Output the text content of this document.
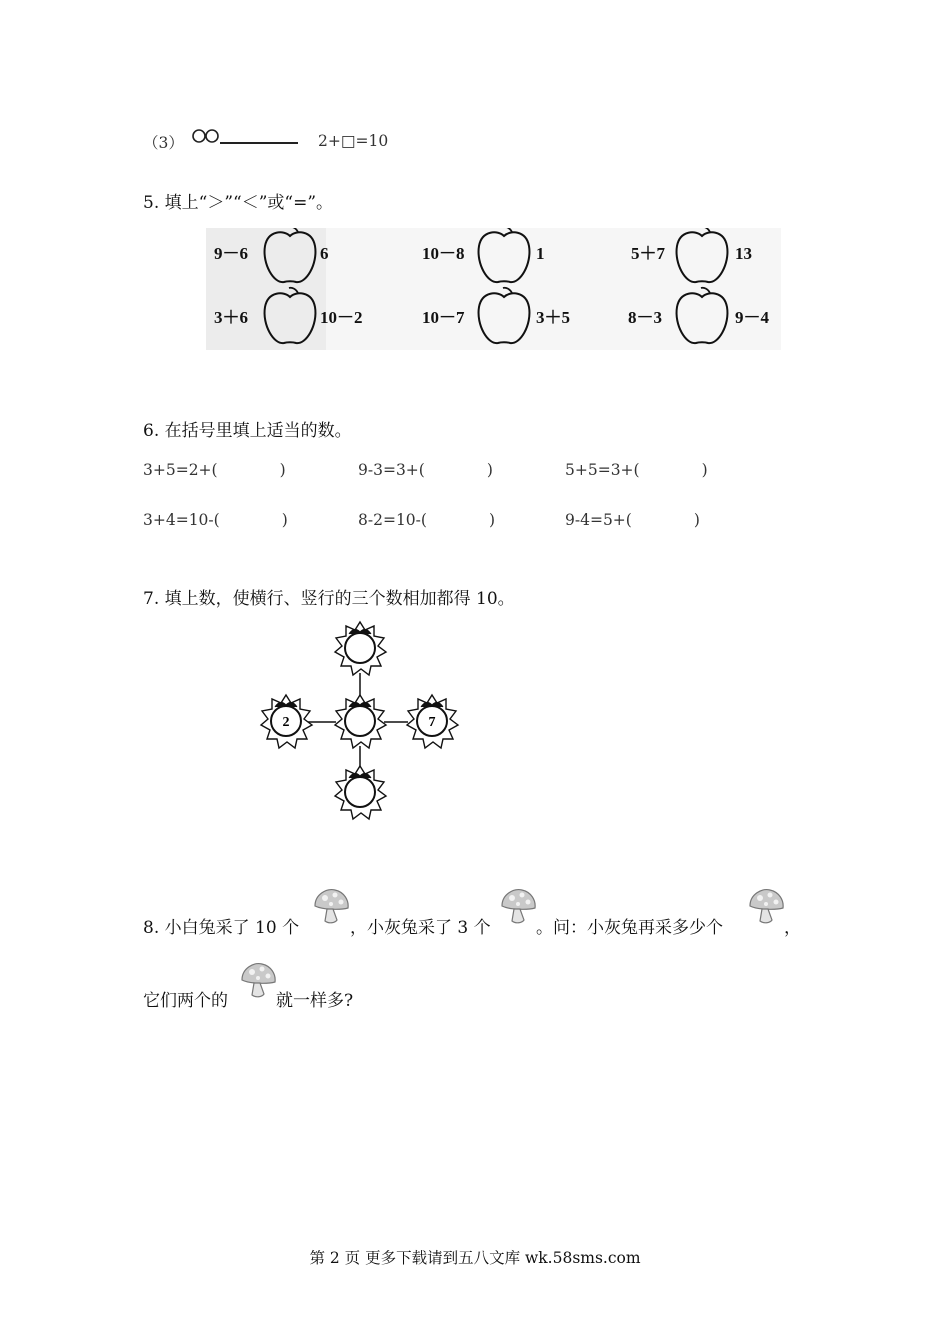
（3）	2+□=10
5. 填上“＞”“＜”或“=”。
9－6	6	10－8	1	5＋7	13
3＋6	10－2	10－7	3＋5	8－3	9－4
6. 在括号里填上适当的数。
3+5=2+(　　　　)	9-3=3+(　　　　)	5+5=3+(　　　　)
3+4=10-(　　　　)	8-2=10-(　　　　)	9-4=5+(　　　　)
7. 填上数，使横行、竖行的三个数相加都得 10。
2	7
8. 小白兔采了 10 个	，小灰兔采了 3 个	。问：小灰兔再采多少个	，
它们两个的	就一样多?
第 2 页 更多下载请到五八文库 wk.58sms.com
